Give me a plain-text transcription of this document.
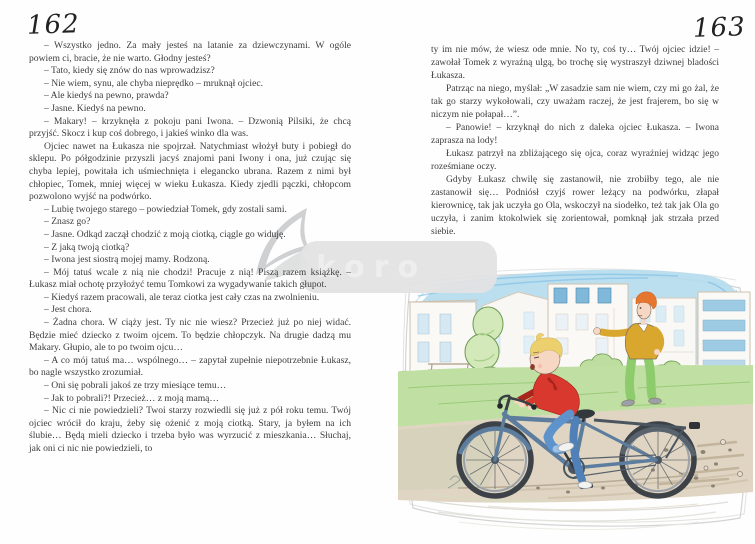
162

– Wszystko jedno. Za mały jesteś na latanie za dziewczynami. W ogóle powiem ci, bracie, że nie warto. Głodny jesteś?

– Tato, kiedy się znów do nas wprowadzisz?

– Nie wiem, synu, ale chyba nieprędko – mruknął ojciec.

– Ale kiedyś na pewno, prawda?

– Jasne. Kiedyś na pewno.

– Makary! – krzyknęła z pokoju pani Iwona. – Dzwonią Pilsiki, że chcą przyjść. Skocz i kup coś dobrego, i jakieś winko dla was.

Ojciec nawet na Łukasza nie spojrzał. Natychmiast włożył buty i pobiegł do sklepu. Po półgodzinie przyszli jacyś znajomi pani Iwony i ona, już czując się chyba lepiej, powitała ich uśmiechnięta i elegancko ubrana. Razem z nimi był chłopiec, Tomek, mniej więcej w wieku Łukasza. Kiedy zjedli pączki, chłopcom pozwolono wyjść na podwórko.

– Lubię twojego starego – powiedział Tomek, gdy zostali sami.

– Znasz go?

– Jasne. Odkąd zaczął chodzić z moją ciotką, ciągle go widuję.

– Z jaką twoją ciotką?

– Iwona jest siostrą mojej mamy. Rodzoną.

– Mój tatuś wcale z nią nie chodzi! Pracuje z nią! Piszą razem książkę. – Łukasz miał ochotę przyłożyć temu Tomkowi za wygadywanie takich głupot.

– Kiedyś razem pracowali, ale teraz ciotka jest cały czas na zwolnieniu.

– Jest chora.

– Żadna chora. W ciąży jest. Ty nic nie wiesz? Przecież już po niej widać. Będzie mieć dziecko z twoim ojcem. To będzie chłopczyk. Na drugie dadzą mu Makary. Głupio, ale to po twoim ojcu…

– A co mój tatuś ma… wspólnego… – zapytał zupełnie niepotrzebnie Łukasz, bo nagle wszystko zrozumiał.

– Oni się pobrali jakoś ze trzy miesiące temu…

– Jak to pobrali?! Przecież… z moją mamą…

– Nic ci nie powiedzieli? Twoi starzy rozwiedli się już z pół roku temu. Twój ojciec wrócił do kraju, żeby się ożenić z moją ciotką. Stary, ja byłem na ich ślubie… Będą mieli dziecko i trzeba było was wyrzucić z mieszkania… Słuchaj, jak oni ci nic nie powiedzieli, to

163

ty im nie mów, że wiesz ode mnie. No ty, coś ty… Twój ojciec idzie! – zawołał Tomek z wyraźną ulgą, bo trochę się wystraszył dziwnej bladości Łukasza.

Patrząc na niego, myślał: „W zasadzie sam nie wiem, czy mi go żal, że tak go starzy wykołowali, czy uważam raczej, że jest frajerem, bo się w niczym nie połapał…”.

– Panowie! – krzyknął do nich z daleka ojciec Łukasza. – Iwona zaprasza na lody!

Łukasz patrzył na zbliżającego się ojca, coraz wyraźniej widząc jego roześmiane oczy.

Gdyby Łukasz chwilę się zastanowił, nie zrobiłby tego, ale nie zastanowił się… Podniósł czyjś rower leżący na podwórku, złapał kierownicę, tak jak uczyła go Ola, wskoczył na siodełko, też tak jak Ola go uczyła, i zanim ktokolwiek się zorientował, pomknął jak strzała przed siebie.

koro
